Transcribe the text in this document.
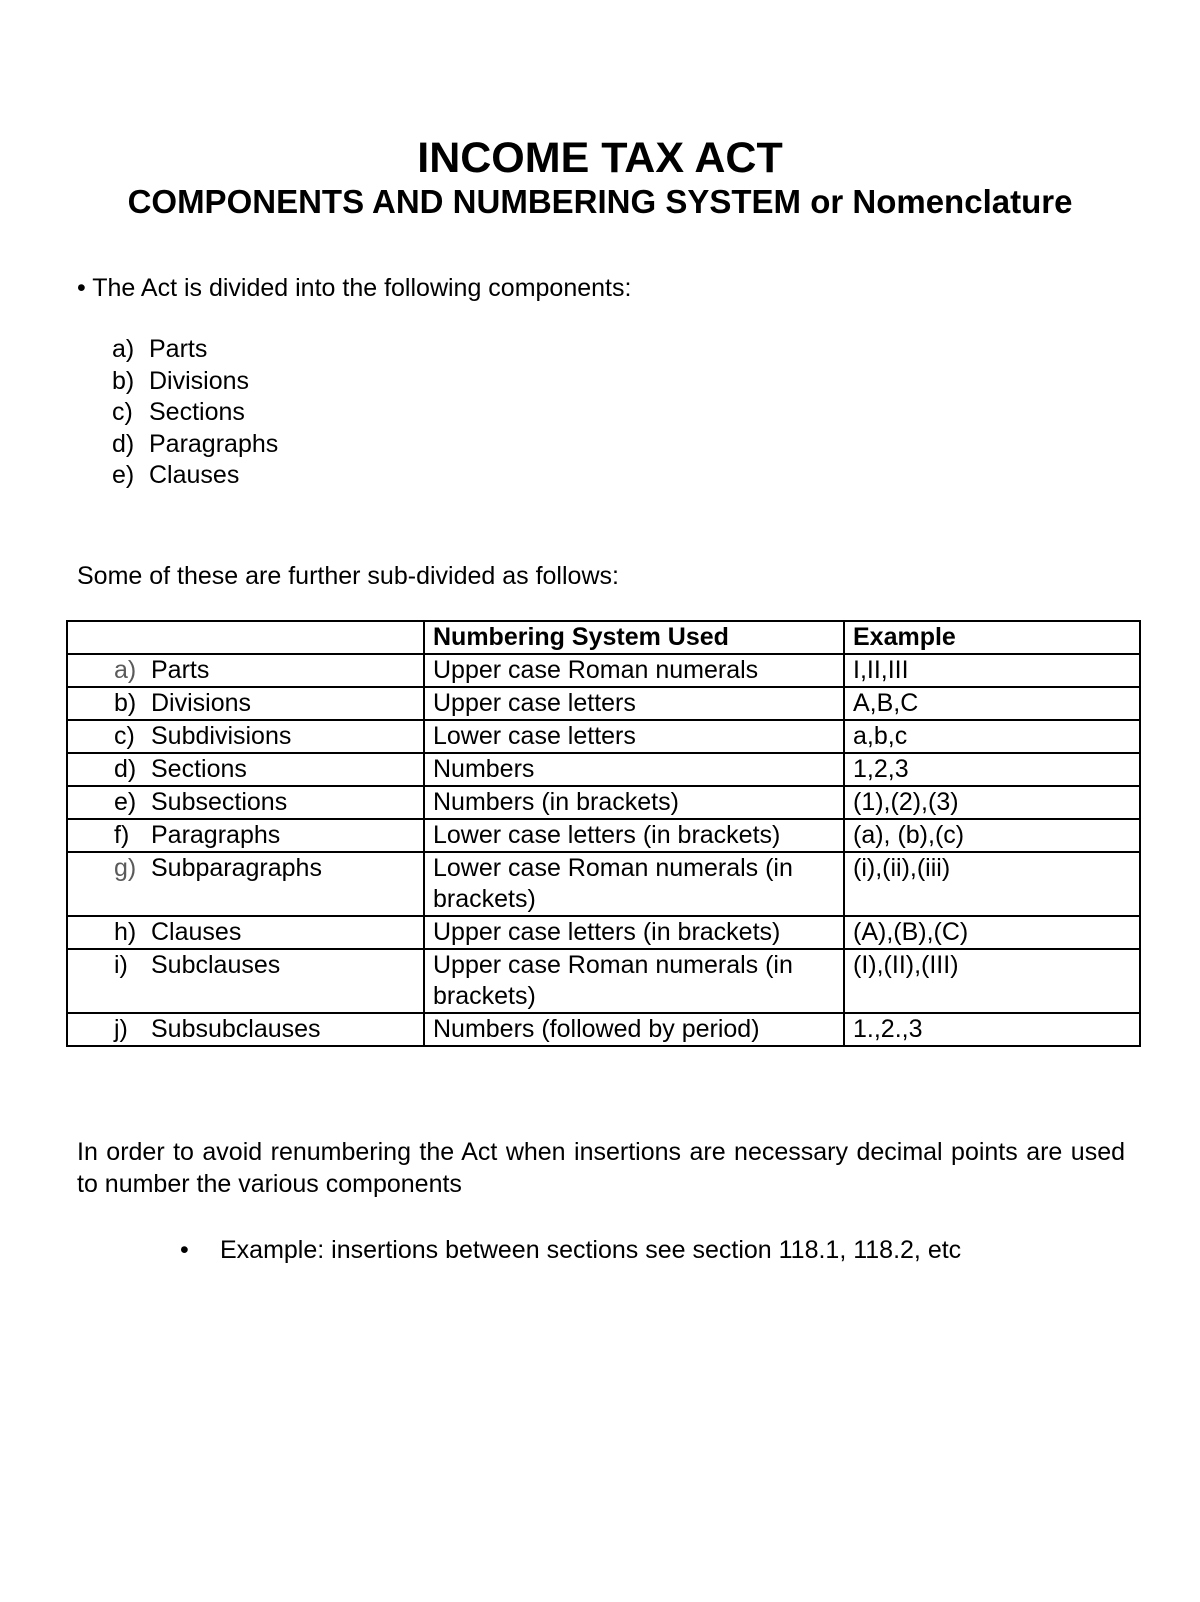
INCOME TAX ACT
COMPONENTS AND NUMBERING SYSTEM or Nomenclature
• The Act is divided into the following components:
a) Parts
b) Divisions
c) Sections
d) Paragraphs
e) Clauses
Some of these are further sub-divided as follows:
	Numbering System Used	Example
a) Parts	Upper case Roman numerals	I,II,III
b) Divisions	Upper case letters	A,B,C
c) Subdivisions	Lower case letters	a,b,c
d) Sections	Numbers	1,2,3
e) Subsections	Numbers (in brackets)	(1),(2),(3)
f) Paragraphs	Lower case letters (in brackets)	(a), (b),(c)
g) Subparagraphs	Lower case Roman numerals (in brackets)	(i),(ii),(iii)
h) Clauses	Upper case letters (in brackets)	(A),(B),(C)
i) Subclauses	Upper case Roman numerals (in brackets)	(I),(II),(III)
j) Subsubclauses	Numbers (followed by period)	1.,2.,3
In order to avoid renumbering the Act when insertions are necessary decimal points are used to number the various components
• Example: insertions between sections see section 118.1, 118.2, etc
